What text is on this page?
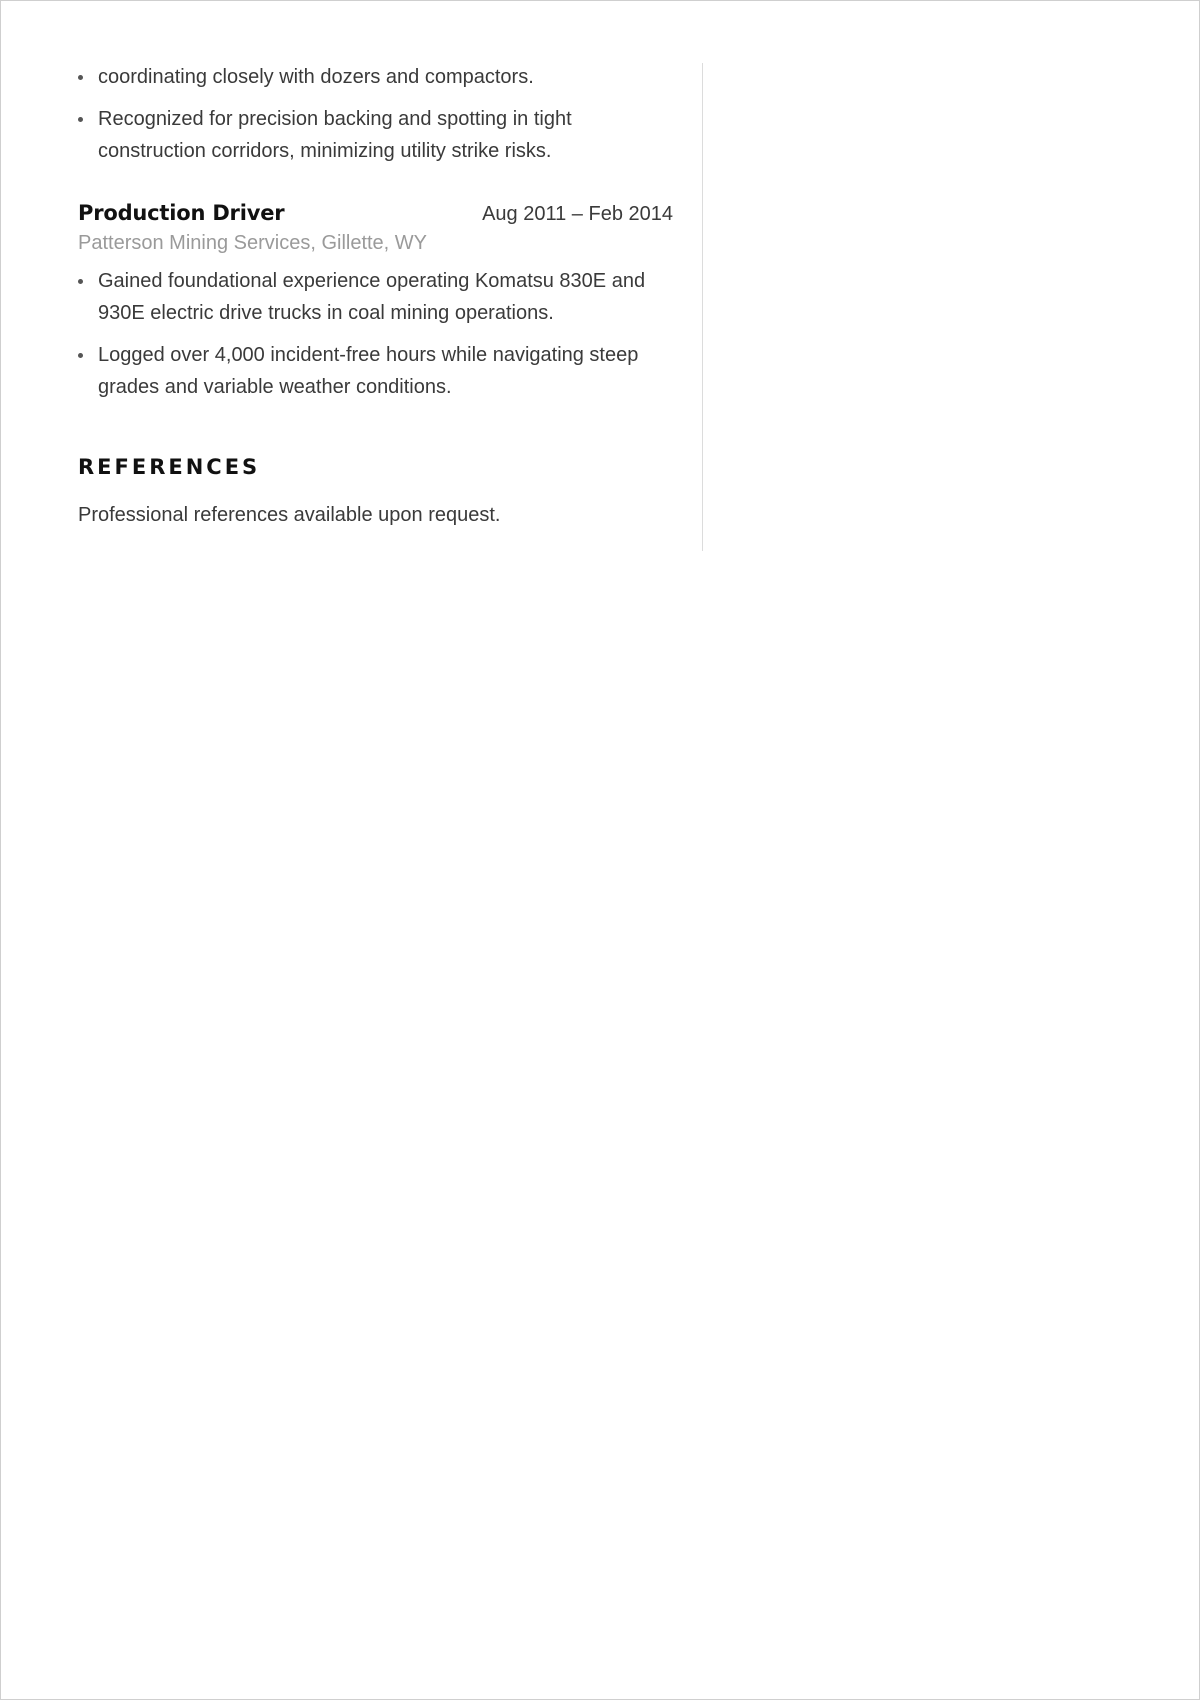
coordinating closely with dozers and compactors.
Recognized for precision backing and spotting in tight construction corridors, minimizing utility strike risks.
Production Driver	Aug 2011 – Feb 2014
Patterson Mining Services, Gillette, WY
Gained foundational experience operating Komatsu 830E and 930E electric drive trucks in coal mining operations.
Logged over 4,000 incident-free hours while navigating steep grades and variable weather conditions.
REFERENCES
Professional references available upon request.
